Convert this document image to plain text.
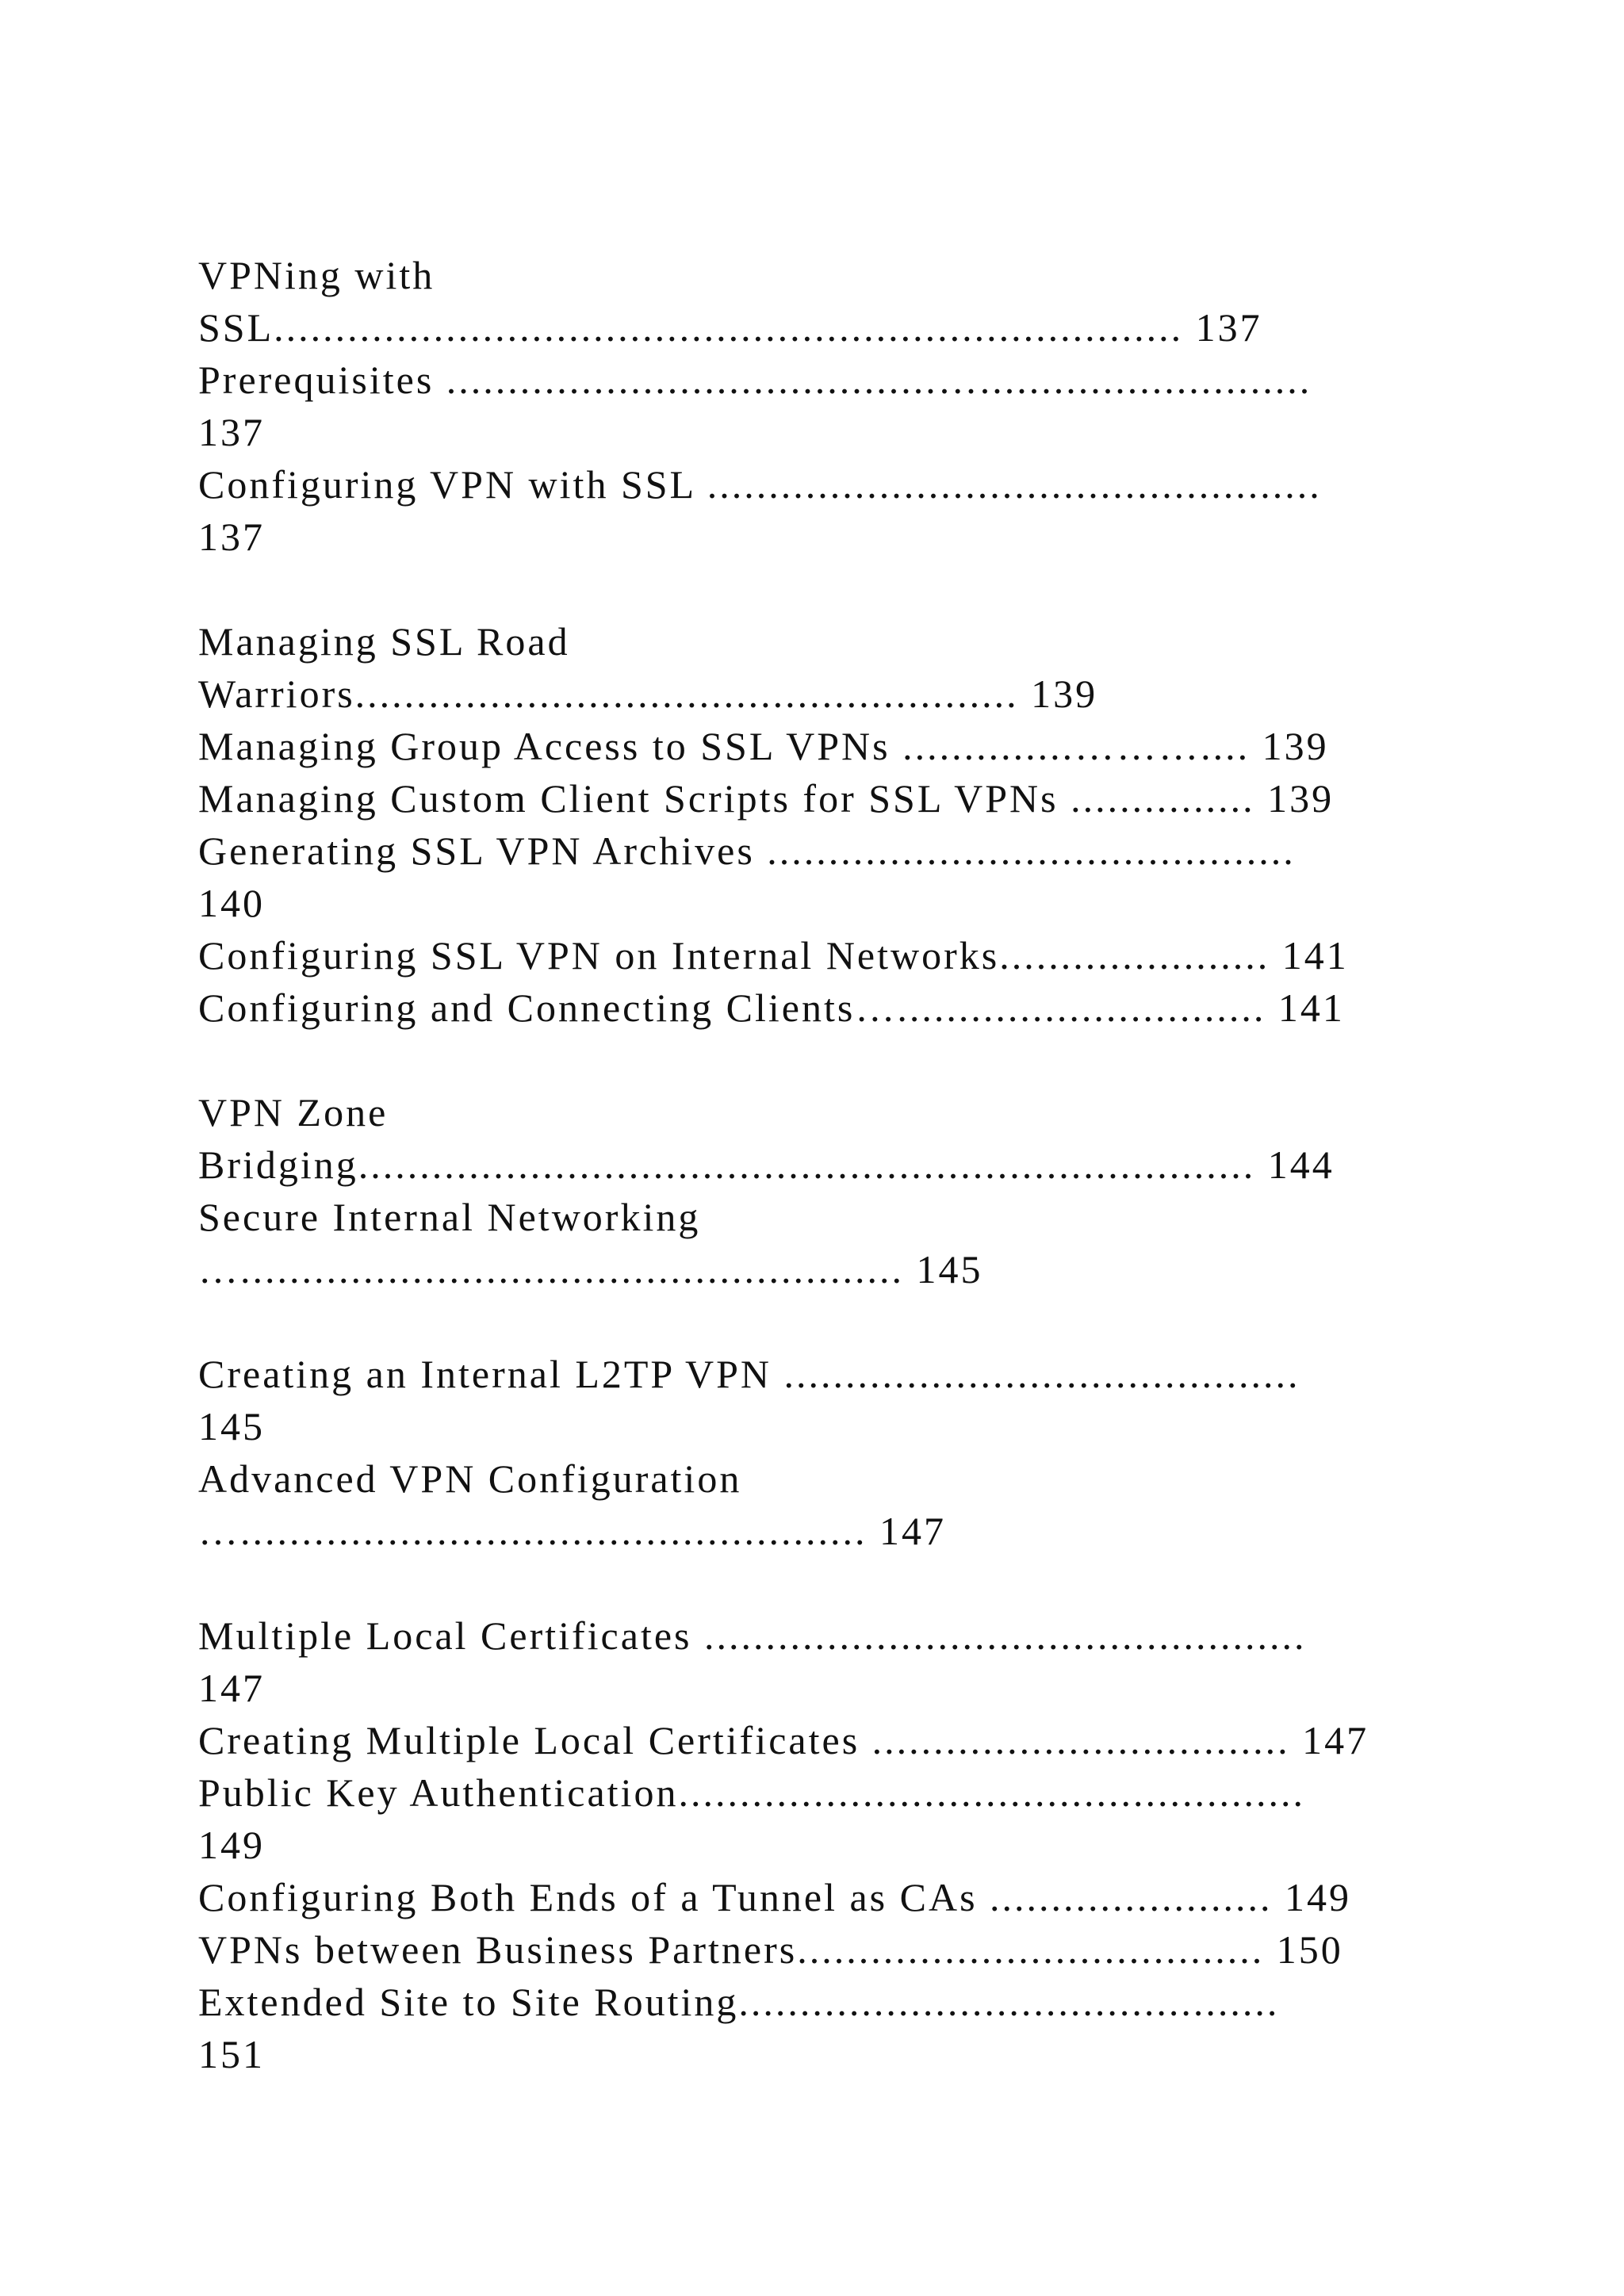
VPNing with
SSL.......................................................................... 137
Prerequisites ........................................…...........................
137
Configuring VPN with SSL ..................................................
137
Managing SSL Road
Warriors...................................................... 139
Managing Group Access to SSL VPNs ..............……….... 139
Managing Custom Client Scripts for SSL VPNs ............... 139
Generating SSL VPN Archives ...........................................
140
Configuring SSL VPN on Internal Networks...................... 141
Configuring and Connecting Clients….............................. 141
VPN Zone
Bridging......................................................................... 144
Secure Internal Networking
…...................................................... 145
Creating an Internal L2TP VPN ..........................................
145
Advanced VPN Configuration
…................................................... 147
Multiple Local Certificates .................................................
147
Creating Multiple Local Certificates .................................. 147
Public Key Authentication...................................................
149
Configuring Both Ends of a Tunnel as CAs ....................... 149
VPNs between Business Partners...................................... 150
Extended Site to Site Routing............................................
151
